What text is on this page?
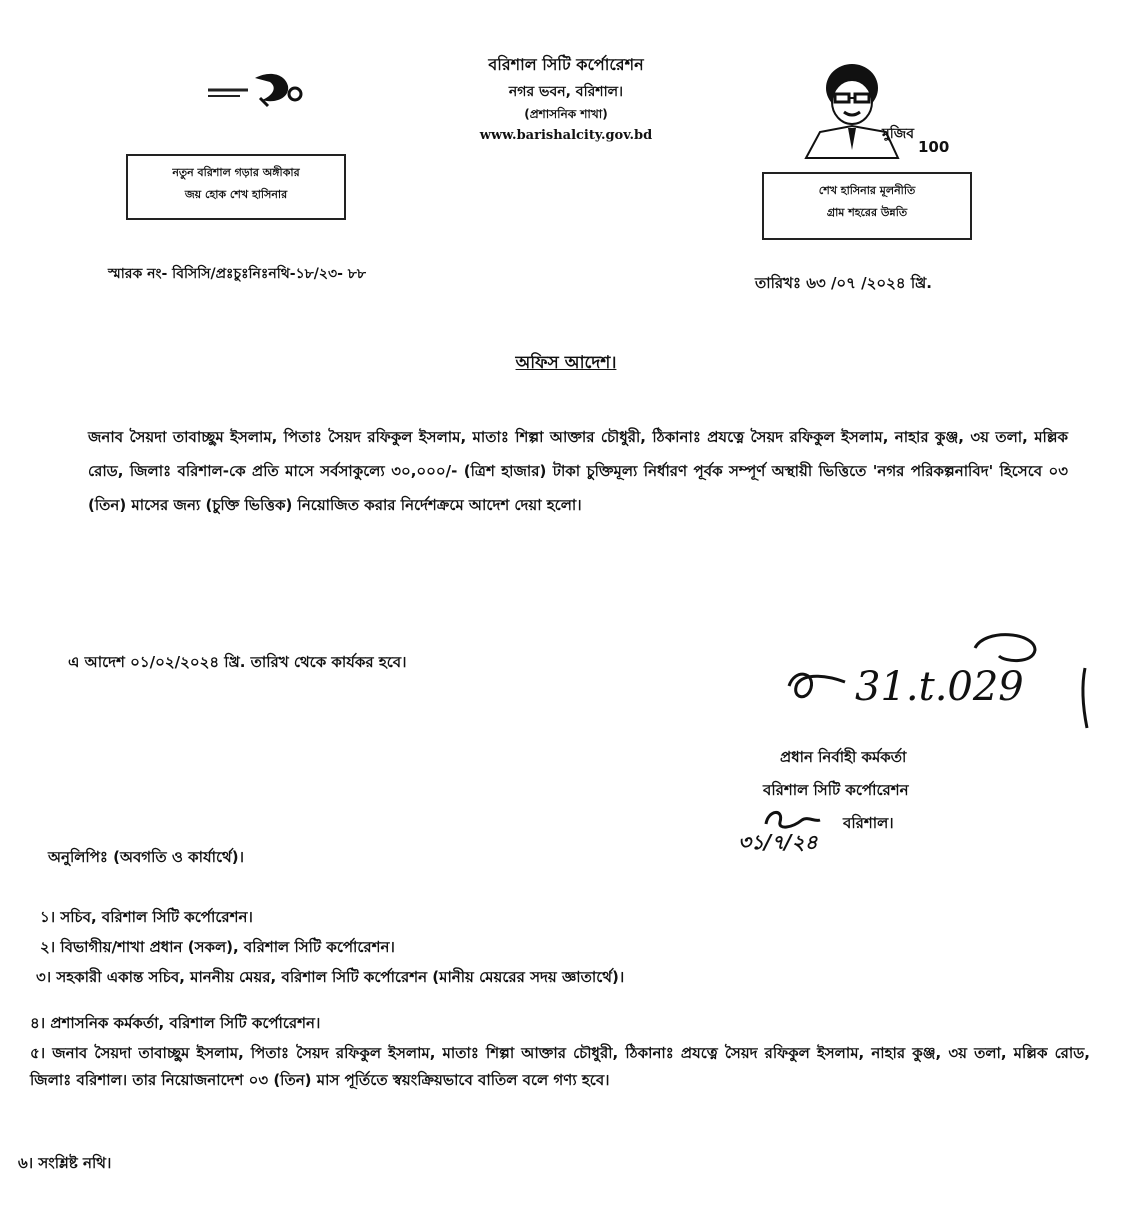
বরিশাল সিটি কর্পোরেশন
নগর ভবন, বরিশাল।
(প্রশাসনিক শাখা)
www.barishalcity.gov.bd	মুজিব
100
নতুন বরিশাল গড়ার অঙ্গীকার
জয় হোক শেখ হাসিনার	শেখ হাসিনার মূলনীতি
গ্রাম শহরের উন্নতি
স্মারক নং- বিসিসি/প্রঃচুঃনিঃনথি-১৮/২৩- ৮৮	তারিখঃ ৬৩ /০৭ /২০২৪ খ্রি.
অফিস আদেশ।
জনাব সৈয়দা তাবাচ্ছুম ইসলাম, পিতাঃ সৈয়দ রফিকুল ইসলাম, মাতাঃ শিল্পা আক্তার চৌধুরী, ঠিকানাঃ প্রযত্নে সৈয়দ রফিকুল ইসলাম, নাহার কুঞ্জ, ৩য় তলা, মল্লিক রোড, জিলাঃ বরিশাল-কে প্রতি মাসে সর্বসাকুল্যে ৩০,০০০/- (ত্রিশ হাজার) টাকা চুক্তিমূল্য নির্ধারণ পূর্বক সম্পূর্ণ অস্থায়ী ভিত্তিতে 'নগর পরিকল্পনাবিদ' হিসেবে ০৩ (তিন) মাসের জন্য (চুক্তি ভিত্তিক) নিয়োজিত করার নির্দেশক্রমে আদেশ দেয়া হলো।
এ আদেশ ০১/০২/২০২৪ খ্রি. তারিখ থেকে কার্যকর হবে।
31.t.029
প্রধান নির্বাহী কর্মকর্তা
বরিশাল সিটি কর্পোরেশন
বরিশাল।
৩১/৭/২৪
অনুলিপিঃ (অবগতি ও কার্যার্থে)।
১। সচিব, বরিশাল সিটি কর্পোরেশন।
২। বিভাগীয়/শাখা প্রধান (সকল), বরিশাল সিটি কর্পোরেশন।
৩। সহকারী একান্ত সচিব, মাননীয় মেয়র, বরিশাল সিটি কর্পোরেশন (মানীয় মেয়রের সদয় জ্ঞাতার্থে)।
৪। প্রশাসনিক কর্মকর্তা, বরিশাল সিটি কর্পোরেশন।
৫। জনাব সৈয়দা তাবাচ্ছুম ইসলাম, পিতাঃ সৈয়দ রফিকুল ইসলাম, মাতাঃ শিল্পা আক্তার চৌধুরী, ঠিকানাঃ প্রযত্নে সৈয়দ রফিকুল ইসলাম, নাহার কুঞ্জ, ৩য় তলা, মল্লিক রোড, জিলাঃ বরিশাল। তার নিয়োজনাদেশ ০৩ (তিন) মাস পূর্তিতে স্বয়ংক্রিয়ভাবে বাতিল বলে গণ্য হবে।
৬। সংশ্লিষ্ট নথি।
